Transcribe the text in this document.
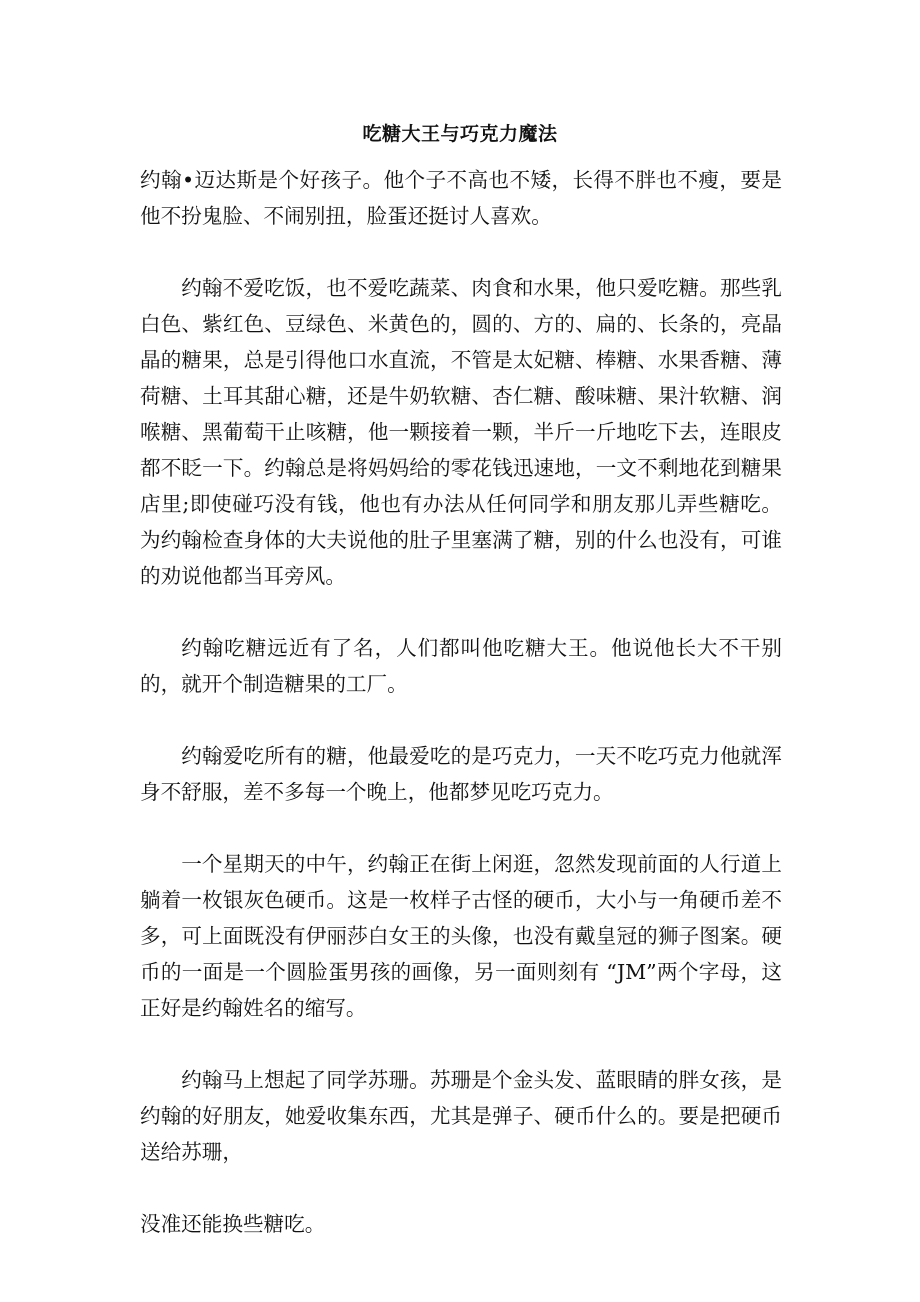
吃糖大王与巧克力魔法

约翰•迈达斯是个好孩子。他个子不高也不矮，长得不胖也不瘦，要是他不扮鬼脸、不闹别扭，脸蛋还挺讨人喜欢。

约翰不爱吃饭，也不爱吃蔬菜、肉食和水果，他只爱吃糖。那些乳白色、紫红色、豆绿色、米黄色的，圆的、方的、扁的、长条的，亮晶晶的糖果，总是引得他口水直流，不管是太妃糖、棒糖、水果香糖、薄荷糖、土耳其甜心糖，还是牛奶软糖、杏仁糖、酸味糖、果汁软糖、润喉糖、黑葡萄干止咳糖，他一颗接着一颗，半斤一斤地吃下去，连眼皮都不眨一下。约翰总是将妈妈给的零花钱迅速地，一文不剩地花到糖果店里;即使碰巧没有钱，他也有办法从任何同学和朋友那儿弄些糖吃。为约翰检查身体的大夫说他的肚子里塞满了糖，别的什么也没有，可谁的劝说他都当耳旁风。

约翰吃糖远近有了名，人们都叫他吃糖大王。他说他长大不干别的，就开个制造糖果的工厂。

约翰爱吃所有的糖，他最爱吃的是巧克力，一天不吃巧克力他就浑身不舒服，差不多每一个晚上，他都梦见吃巧克力。

一个星期天的中午，约翰正在街上闲逛，忽然发现前面的人行道上躺着一枚银灰色硬币。这是一枚样子古怪的硬币，大小与一角硬币差不多，可上面既没有伊丽莎白女王的头像，也没有戴皇冠的狮子图案。硬币的一面是一个圆脸蛋男孩的画像，另一面则刻有 “JM”两个字母，这正好是约翰姓名的缩写。

约翰马上想起了同学苏珊。苏珊是个金头发、蓝眼睛的胖女孩，是约翰的好朋友，她爱收集东西，尤其是弹子、硬币什么的。要是把硬币送给苏珊，

没准还能换些糖吃。
